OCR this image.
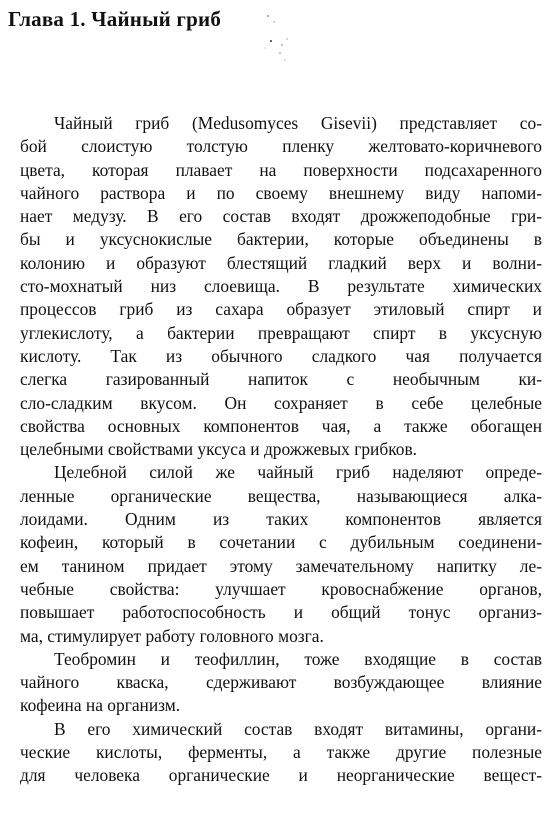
Глава 1. Чайный гриб

Чайный гриб (Medusomyces Gisevii) представляет со-
бой слоистую толстую пленку желтовато-коричневого
цвета, которая плавает на поверхности подсахаренного
чайного раствора и по своему внешнему виду напоми-
нает медузу. В его состав входят дрожжеподобные гри-
бы и уксуснокислые бактерии, которые объединены в
колонию и образуют блестящий гладкий верх и волни-
сто-мохнатый низ слоевища. В результате химических
процессов гриб из сахара образует этиловый спирт и
углекислоту, а бактерии превращают спирт в уксусную
кислоту. Так из обычного сладкого чая получается
слегка газированный напиток с необычным ки-
сло-сладким вкусом. Он сохраняет в себе целебные
свойства основных компонентов чая, а также обогащен
целебными свойствами уксуса и дрожжевых грибков.

Целебной силой же чайный гриб наделяют опреде-
ленные органические вещества, называющиеся алка-
лоидами. Одним из таких компонентов является
кофеин, который в сочетании с дубильным соединени-
ем танином придает этому замечательному напитку ле-
чебные свойства: улучшает кровоснабжение органов,
повышает работоспособность и общий тонус организ-
ма, стимулирует работу головного мозга.

Теобромин и теофиллин, тоже входящие в состав
чайного кваска, сдерживают возбуждающее влияние
кофеина на организм.

В его химический состав входят витамины, органи-
ческие кислоты, ферменты, а также другие полезные
для человека органические и неорганические вещест-
